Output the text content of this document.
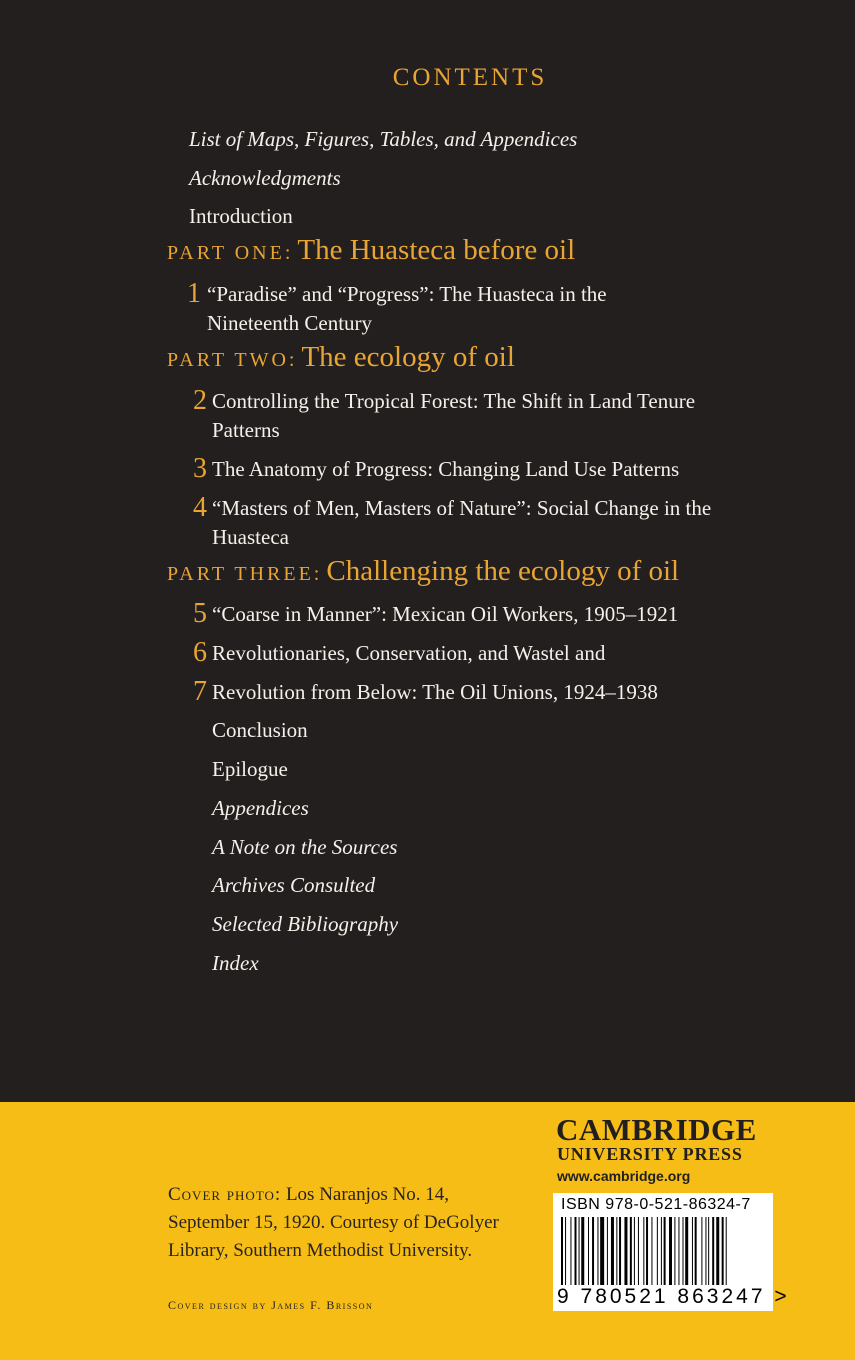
CONTENTS
List of Maps, Figures, Tables, and Appendices
Acknowledgments
Introduction
PART ONE: The Huasteca before oil
1 “Paradise” and “Progress”: The Huasteca in the
Nineteenth Century
PART TWO: The ecology of oil
2 Controlling the Tropical Forest: The Shift in Land Tenure
Patterns
3 The Anatomy of Progress: Changing Land Use Patterns
4 “Masters of Men, Masters of Nature”: Social Change in the
Huasteca
PART THREE: Challenging the ecology of oil
5 “Coarse in Manner”: Mexican Oil Workers, 1905–1921
6 Revolutionaries, Conservation, and Wastel and
7 Revolution from Below: The Oil Unions, 1924–1938
Conclusion
Epilogue
Appendices
A Note on the Sources
Archives Consulted
Selected Bibliography
Index
Cover photo: Los Naranjos No. 14,
September 15, 1920. Courtesy of DeGolyer
Library, Southern Methodist University.
Cover design by James F. Brisson
CAMBRIDGE
UNIVERSITY PRESS
www.cambridge.org
ISBN 978-0-521-86324-7
9 780521 863247 >
